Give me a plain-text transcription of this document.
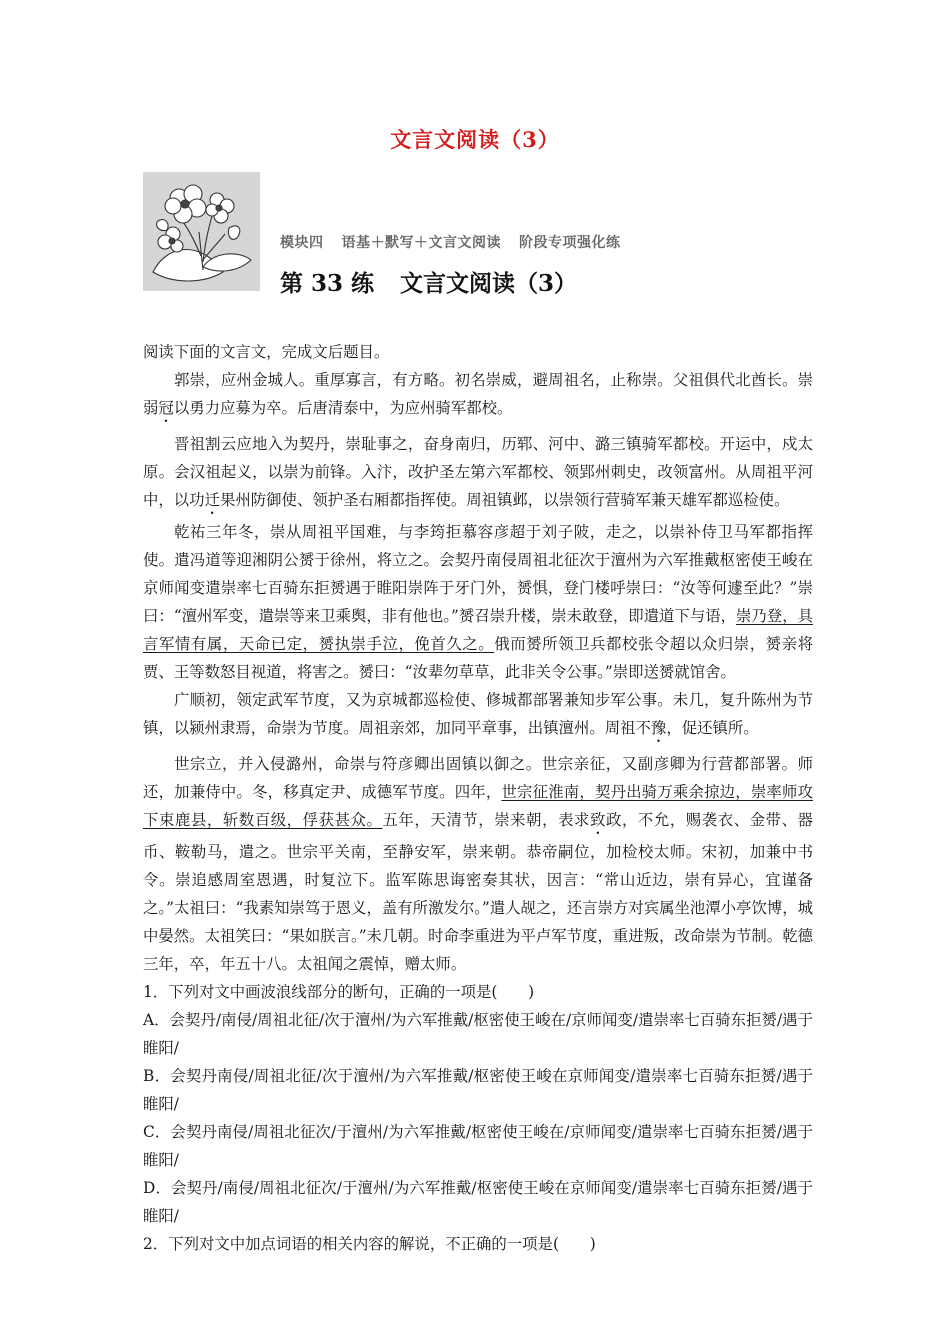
文言文阅读（3）
模块四 语基＋默写＋文言文阅读 阶段专项强化练
第 33 练 文言文阅读（3）

阅读下面的文言文，完成文后题目。

郭崇，应州金城人。重厚寡言，有方略。初名崇威，避周祖名，止称崇。父祖俱代北酋长。崇弱冠以勇力应募为卒。后唐清泰中，为应州骑军都校。

晋祖割云应地入为契丹，崇耻事之，奋身南归，历郓、河中、潞三镇骑军都校。开运中，戍太原。会汉祖起义，以崇为前锋。入汴，改护圣左第六军都校、领郢州刺史，改领富州。从周祖平河中，以功迁果州防御使、领护圣右厢都指挥使。周祖镇邺，以崇领行营骑军兼天雄军都巡检使。

乾祐三年冬，崇从周祖平国难，与李筠拒慕容彦超于刘子陂，走之，以崇补侍卫马军都指挥使。遣冯道等迎湘阴公赟于徐州，将立之。会契丹南侵周祖北征次于澶州为六军推戴枢密使王峻在京师闻变遣崇率七百骑东拒赟遇于睢阳崇阵于牙门外，赟惧，登门楼呼崇曰：“汝等何遽至此？”崇曰：“澶州军变，遣崇等来卫乘舆，非有他也。”赟召崇升楼，崇未敢登，即遣道下与语，崇乃登，具言军情有属，天命已定，赟执崇手泣，俛首久之。俄而赟所领卫兵都校张令超以众归崇，赟亲将贾、王等数怒目视道，将害之。赟曰：“汝辈勿草草，此非关令公事。”崇即送赟就馆舍。

广顺初，领定武军节度，又为京城都巡检使、修城都部署兼知步军公事。未几，复升陈州为节镇，以颍州隶焉，命崇为节度。周祖亲郊，加同平章事，出镇澶州。周祖不豫，促还镇所。

世宗立，并入侵潞州，命崇与符彦卿出固镇以御之。世宗亲征，又副彦卿为行营都部署。师还，加兼侍中。冬，移真定尹、成德军节度。四年，世宗征淮南，契丹出骑万乘余掠边，崇率师攻下束鹿县，斩数百级，俘获甚众。五年，天清节，崇来朝，表求致政，不允，赐袭衣、金带、器币、鞍勒马，遣之。世宗平关南，至静安军，崇来朝。恭帝嗣位，加检校太师。宋初，加兼中书令。崇追感周室恩遇，时复泣下。监军陈思诲密奏其状，因言：“常山近边，崇有异心，宜谨备之。”太祖曰：“我素知崇笃于恩义，盖有所激发尔。”遣人觇之，还言崇方对宾属坐池潭小亭饮博，城中晏然。太祖笑曰：“果如朕言。”未几朝。时命李重进为平卢军节度，重进叛，改命崇为节制。乾德三年，卒，年五十八。太祖闻之震悼，赠太师。

1．下列对文中画波浪线部分的断句，正确的一项是(　　)

A．会契丹/南侵/周祖北征/次于澶州/为六军推戴/枢密使王峻在/京师闻变/遣崇率七百骑东拒赟/遇于睢阳/

B．会契丹南侵/周祖北征/次于澶州/为六军推戴/枢密使王峻在京师闻变/遣崇率七百骑东拒赟/遇于睢阳/

C．会契丹南侵/周祖北征次/于澶州/为六军推戴/枢密使王峻在/京师闻变/遣崇率七百骑东拒赟/遇于睢阳/

D．会契丹/南侵/周祖北征次/于澶州/为六军推戴/枢密使王峻在京师闻变/遣崇率七百骑东拒赟/遇于睢阳/

2．下列对文中加点词语的相关内容的解说，不正确的一项是(　　)
